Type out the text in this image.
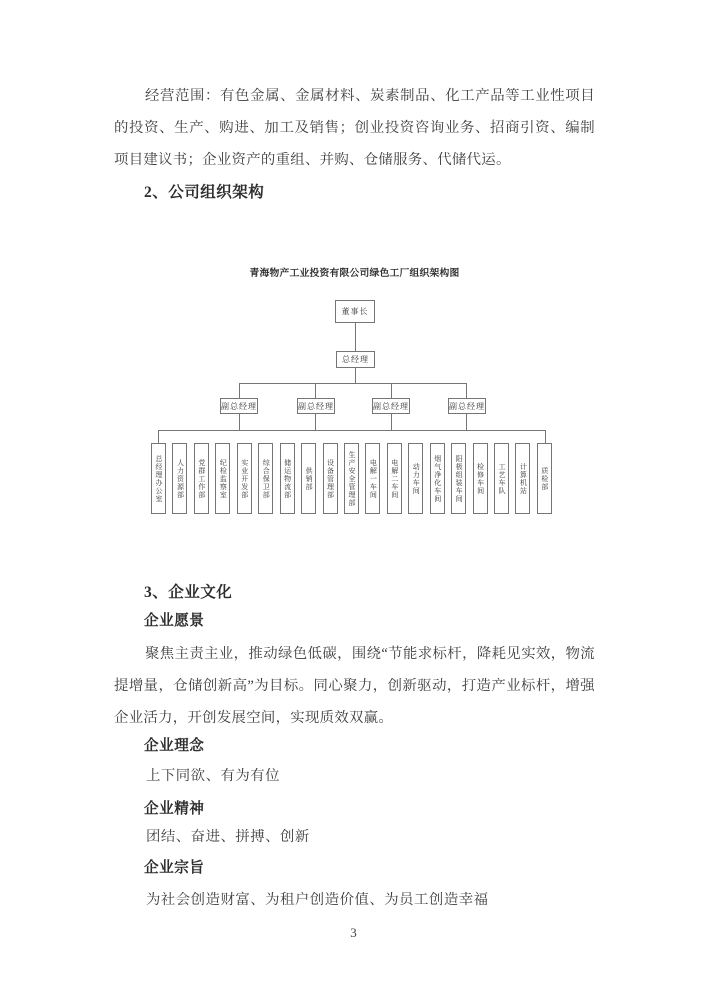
经营范围：有色金属、金属材料、炭素制品、化工产品等工业性项目的投资、生产、购进、加工及销售；创业投资咨询业务、招商引资、编制项目建议书；企业资产的重组、并购、仓储服务、代储代运。

2、公司组织架构
青海物产工业投资有限公司绿色工厂组织架构图
董事长
总经理
副总经理	副总经理	副总经理	副总经理
总经理办公室	人力资源部	党群工作部	纪检监察室	实业开发部	综合保卫部	储运物流部	供销部	设备管理部	生产安全管理部	电解一车间	电解二车间	动力车间	烟气净化车间	阳极组装车间	检修车间	工艺车队	计算机站	质检部
3、企业文化
企业愿景

聚焦主责主业，推动绿色低碳，围绕“节能求标杆，降耗见实效，物流提增量，仓储创新高”为目标。同心聚力，创新驱动，打造产业标杆，增强企业活力，开创发展空间，实现质效双赢。

企业理念

上下同欲、有为有位

企业精神

团结、奋进、拼搏、创新

企业宗旨

为社会创造财富、为租户创造价值、为员工创造幸福

3
